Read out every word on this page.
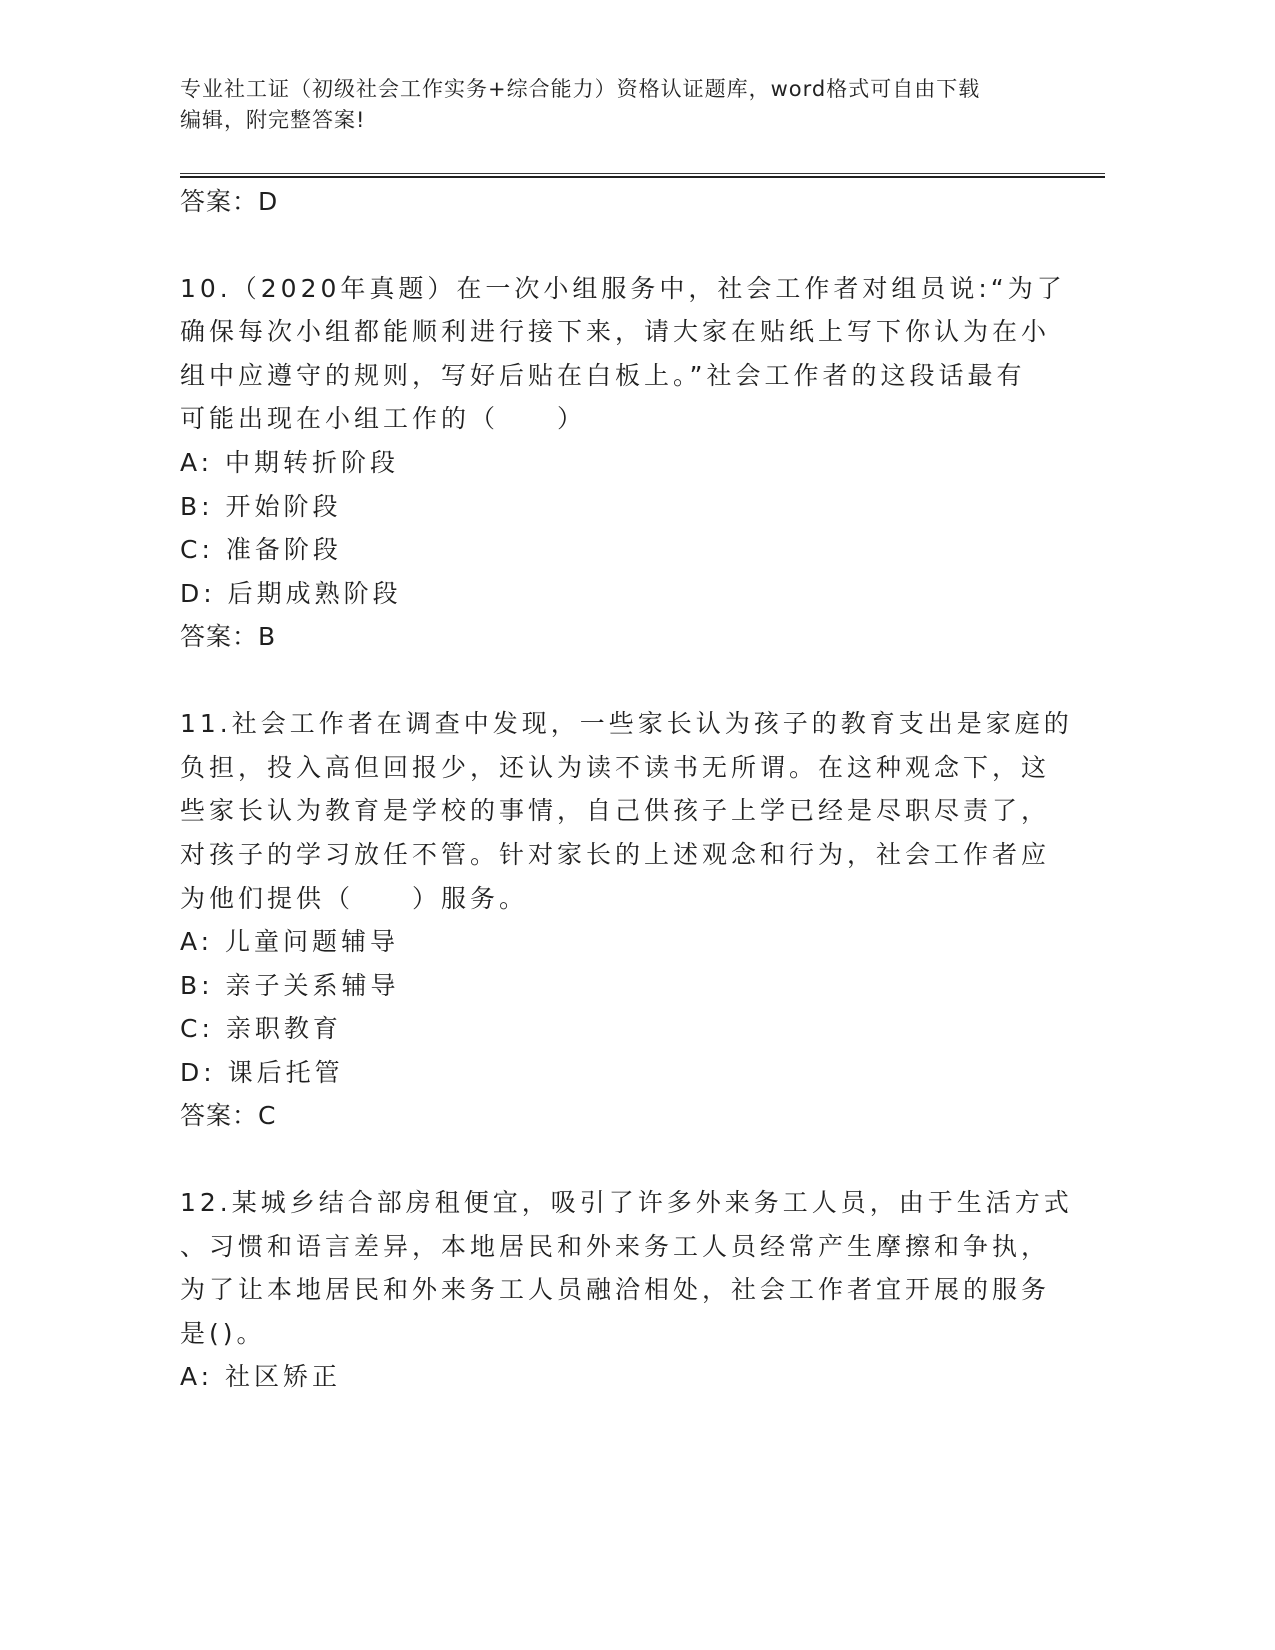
专业社工证（初级社会工作实务+综合能力）资格认证题库，word格式可自由下载
编辑，附完整答案!
答案：D
10.（2020年真题）在一次小组服务中，社会工作者对组员说:“为了
确保每次小组都能顺利进行接下来，请大家在贴纸上写下你认为在小
组中应遵守的规则，写好后贴在白板上。”社会工作者的这段话最有
可能出现在小组工作的（　　）
A: 中期转折阶段
B: 开始阶段
C: 准备阶段
D: 后期成熟阶段
答案：B
11.社会工作者在调查中发现，一些家长认为孩子的教育支出是家庭的
负担，投入高但回报少，还认为读不读书无所谓。在这种观念下，这
些家长认为教育是学校的事情，自己供孩子上学已经是尽职尽责了，
对孩子的学习放任不管。针对家长的上述观念和行为，社会工作者应
为他们提供（　　）服务。
A: 儿童问题辅导
B: 亲子关系辅导
C: 亲职教育
D: 课后托管
答案：C
12.某城乡结合部房租便宜，吸引了许多外来务工人员，由于生活方式
、习惯和语言差异，本地居民和外来务工人员经常产生摩擦和争执，
为了让本地居民和外来务工人员融洽相处，社会工作者宜开展的服务
是()。
A: 社区矫正
